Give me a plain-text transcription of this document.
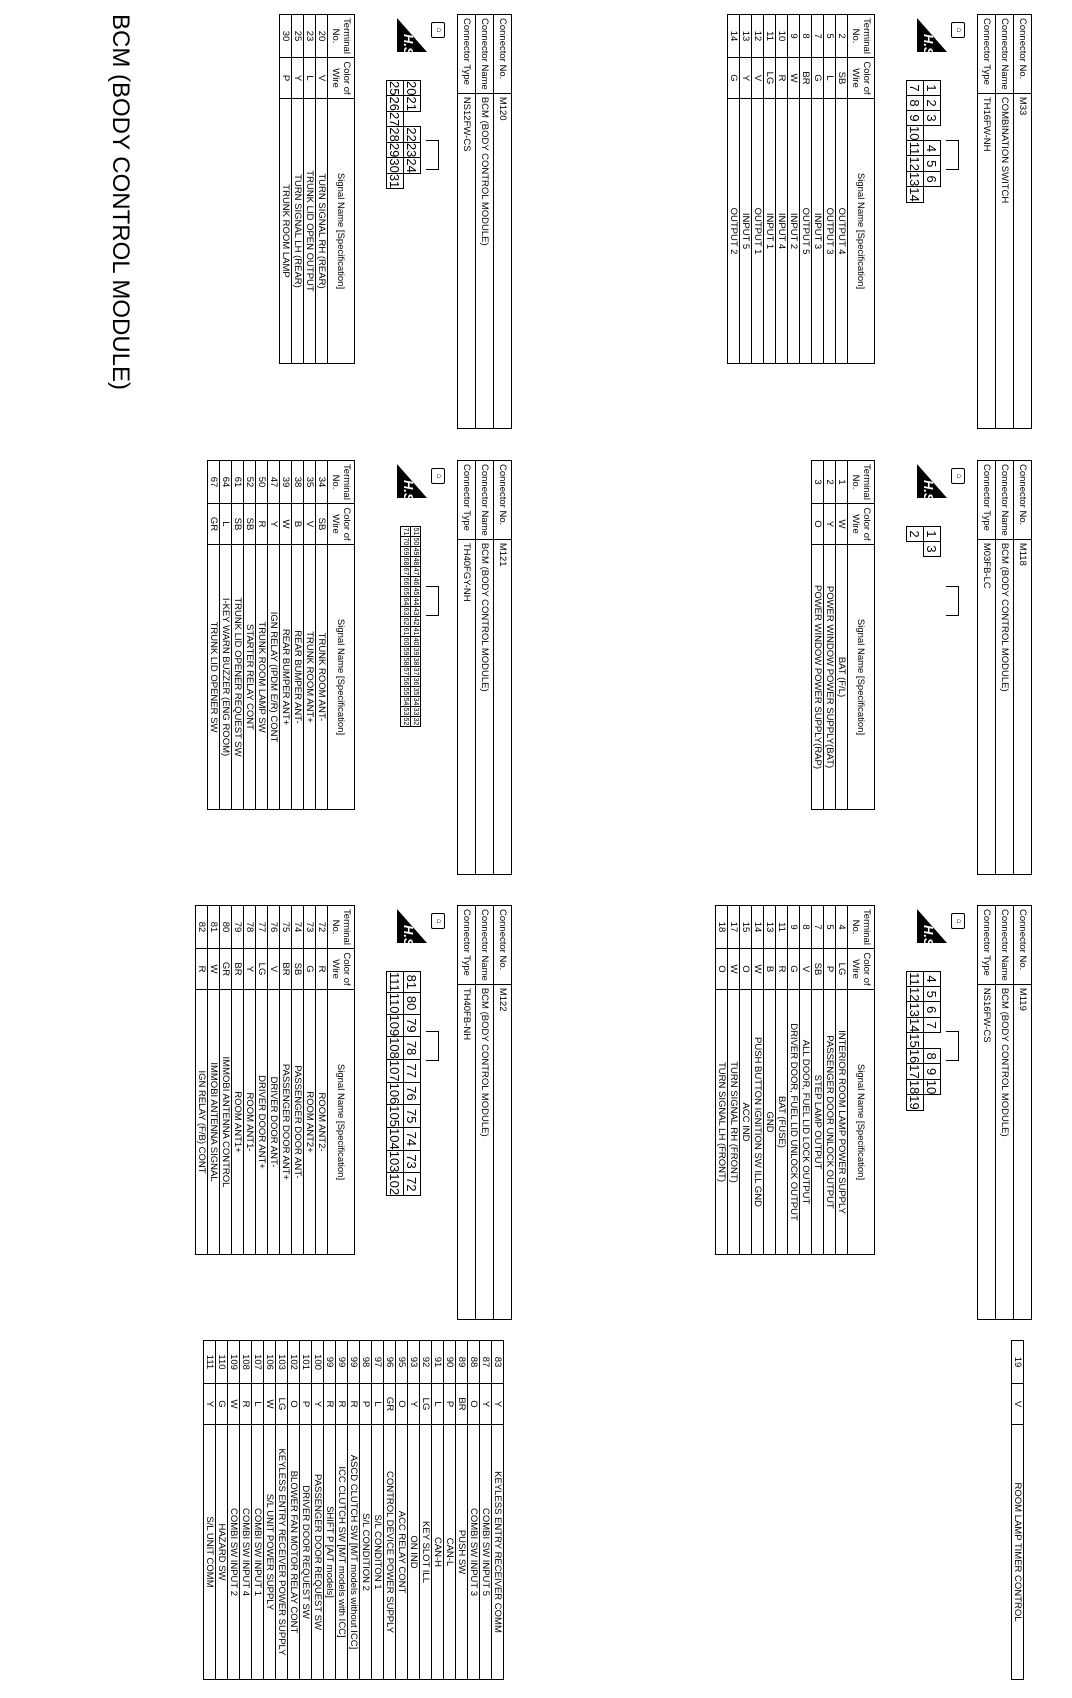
BCM (BODY CONTROL MODULE)	Connector No.	M33
Connector Name	COMBINATION SWITCH
Connector Type	TH16FW-NH
⌂
H.S.
1	2	3		4	5	6	
7	8	9	10	11	12	13	14
Terminal No.	Color of Wire	Signal Name [Specification]
2	SB	OUTPUT 4
5	L	OUTPUT 3
7	G	INPUT 3
8	BR	OUTPUT 5
9	W	INPUT 2
10	R	INPUT 4
11	LG	INPUT 1
12	V	OUTPUT 1
13	Y	INPUT 5
14	G	OUTPUT 2
Connector No.	M118
Connector Name	BCM (BODY CONTROL MODULE)
Connector Type	M03FB-LC
⌂
H.S.
1	3
2
Terminal No.	Color of Wire	Signal Name [Specification]
1	W	BAT (F/L)
2	Y	POWER WINDOW POWER SUPPLY(BAT)
3	O	POWER WINDOW POWER SUPPLY(RAP)
Connector No.	M119
Connector Name	BCM (BODY CONTROL MODULE)
Connector Type	NS16FW-CS
⌂
H.S.
4	5	6	7		8	9	10	
11	12	13	14	15	16	17	18	19
Terminal No.	Color of Wire	Signal Name [Specification]
4	LG	INTERIOR ROOM LAMP POWER SUPPLY
5	P	PASSENGER DOOR UNLOCK OUTPUT
7	SB	STEP LAMP OUTPUT
8	V	ALL DOOR, FUEL LID LOCK OUTPUT
9	G	DRIVER DOOR, FUEL LID UNLOCK OUTPUT
11	R	BAT (FUSE)
13	B	GND
14	W	PUSH BUTTON IGNITION SW ILL GND
15	O	ACC IND
17	W	TURN SIGNAL RH (FRONT)
18	O	TURN SIGNAL LH (FRONT)
Connector No.	M120
Connector Name	BCM (BODY CONTROL MODULE)
Connector Type	NS12FW-CS
⌂
H.S.
20	21		22	23	24	
25	26	27	28	29	30	31
Terminal No.	Color of Wire	Signal Name [Specification]
20	V	TURN SIGNAL RH (REAR)
23	L	TRUNK LID OPEN OUTPUT
25	Y	TURN SIGNAL LH (REAR)
30	P	TRUNK ROOM LAMP
Connector No.	M121
Connector Name	BCM (BODY CONTROL MODULE)
Connector Type	TH40FGY-NH
⌂
H.S.
51	50	49	48	47	46	45	44	43	42	41	40	39	38	37	36	35	34	33	32
71	70	69	68	67	66	65	64	63	62	61	60	59	58	57	56	55	54	53	52
Terminal No.	Color of Wire	Signal Name [Specification]
34	SB	TRUNK ROOM ANT-
35	V	TRUNK ROOM ANT+
38	B	REAR BUMPER ANT-
39	W	REAR BUMPER ANT+
47	Y	IGN RELAY (IPDM E/R) CONT
50	R	TRUNK ROOM LAMP SW
52	SB	STARTER RELAY CONT
61	SB	TRUNK LID OPENER REQUEST SW
64	L	I-KEY WARN BUZZER (ENG ROOM)
67	GR	TRUNK LID OPENER SW
Connector No.	M122
Connector Name	BCM (BODY CONTROL MODULE)
Connector Type	TH40FB-NH
⌂
H.S.
81	80	79	78	77	76	75	74	73	72
111	110	109	108	107	106	105	104	103	102
Terminal No.	Color of Wire	Signal Name [Specification]
72	R	ROOM ANT2-
73	G	ROOM ANT2+
74	SB	PASSENGER DOOR ANT-
75	BR	PASSENGER DOOR ANT+
76	V	DRIVER DOOR ANT-
77	LG	DRIVER DOOR ANT+
78	Y	ROOM ANT1-
79	BR	ROOM ANT1+
80	GR	IMMOBI ANTENNA CONTROL
81	W	IMMOBI ANTENNA SIGNAL
82	R	IGN RELAY (F/B) CONT
83	Y	KEYLESS ENTRY RECEIVER COMM
87	Y	COMBI SW INPUT 5
88	O	COMBI SW INPUT 3
89	BR	PUSH SW
90	P	CAN-L
91	L	CAN-H
92	LG	KEY SLOT ILL
93	Y	ON IND
95	O	ACC RELAY CONT
96	GR	CONTROL DEVICE POWER SUPPLY
97	L	S/L CONDITON 1
98	P	S/L CONDITION 2
99	R	ASCD CLUTCH SW [M/T models without ICC]
99	R	ICC CLUTCH SW [M/T models with ICC]
99	R	SHIFT P [A/T models]
100	Y	PASSENGER DOOR REQUEST SW
101	P	DRIVER DOOR REQUEST SW
102	O	BLOWER FAN MOTOR RELAY CONT
103	LG	KEYLESS ENTRY RECEIVER POWER SUPPLY
106	W	S/L UNIT POWER SUPPLY
107	L	COMBI SW INPUT 1
108	R	COMBI SW INPUT 4
109	W	COMBI SW INPUT 2
110	G	HAZARD SW
111	Y	S/L UNIT COMM
19	V	ROOM LAMP TIMER CONTROL
